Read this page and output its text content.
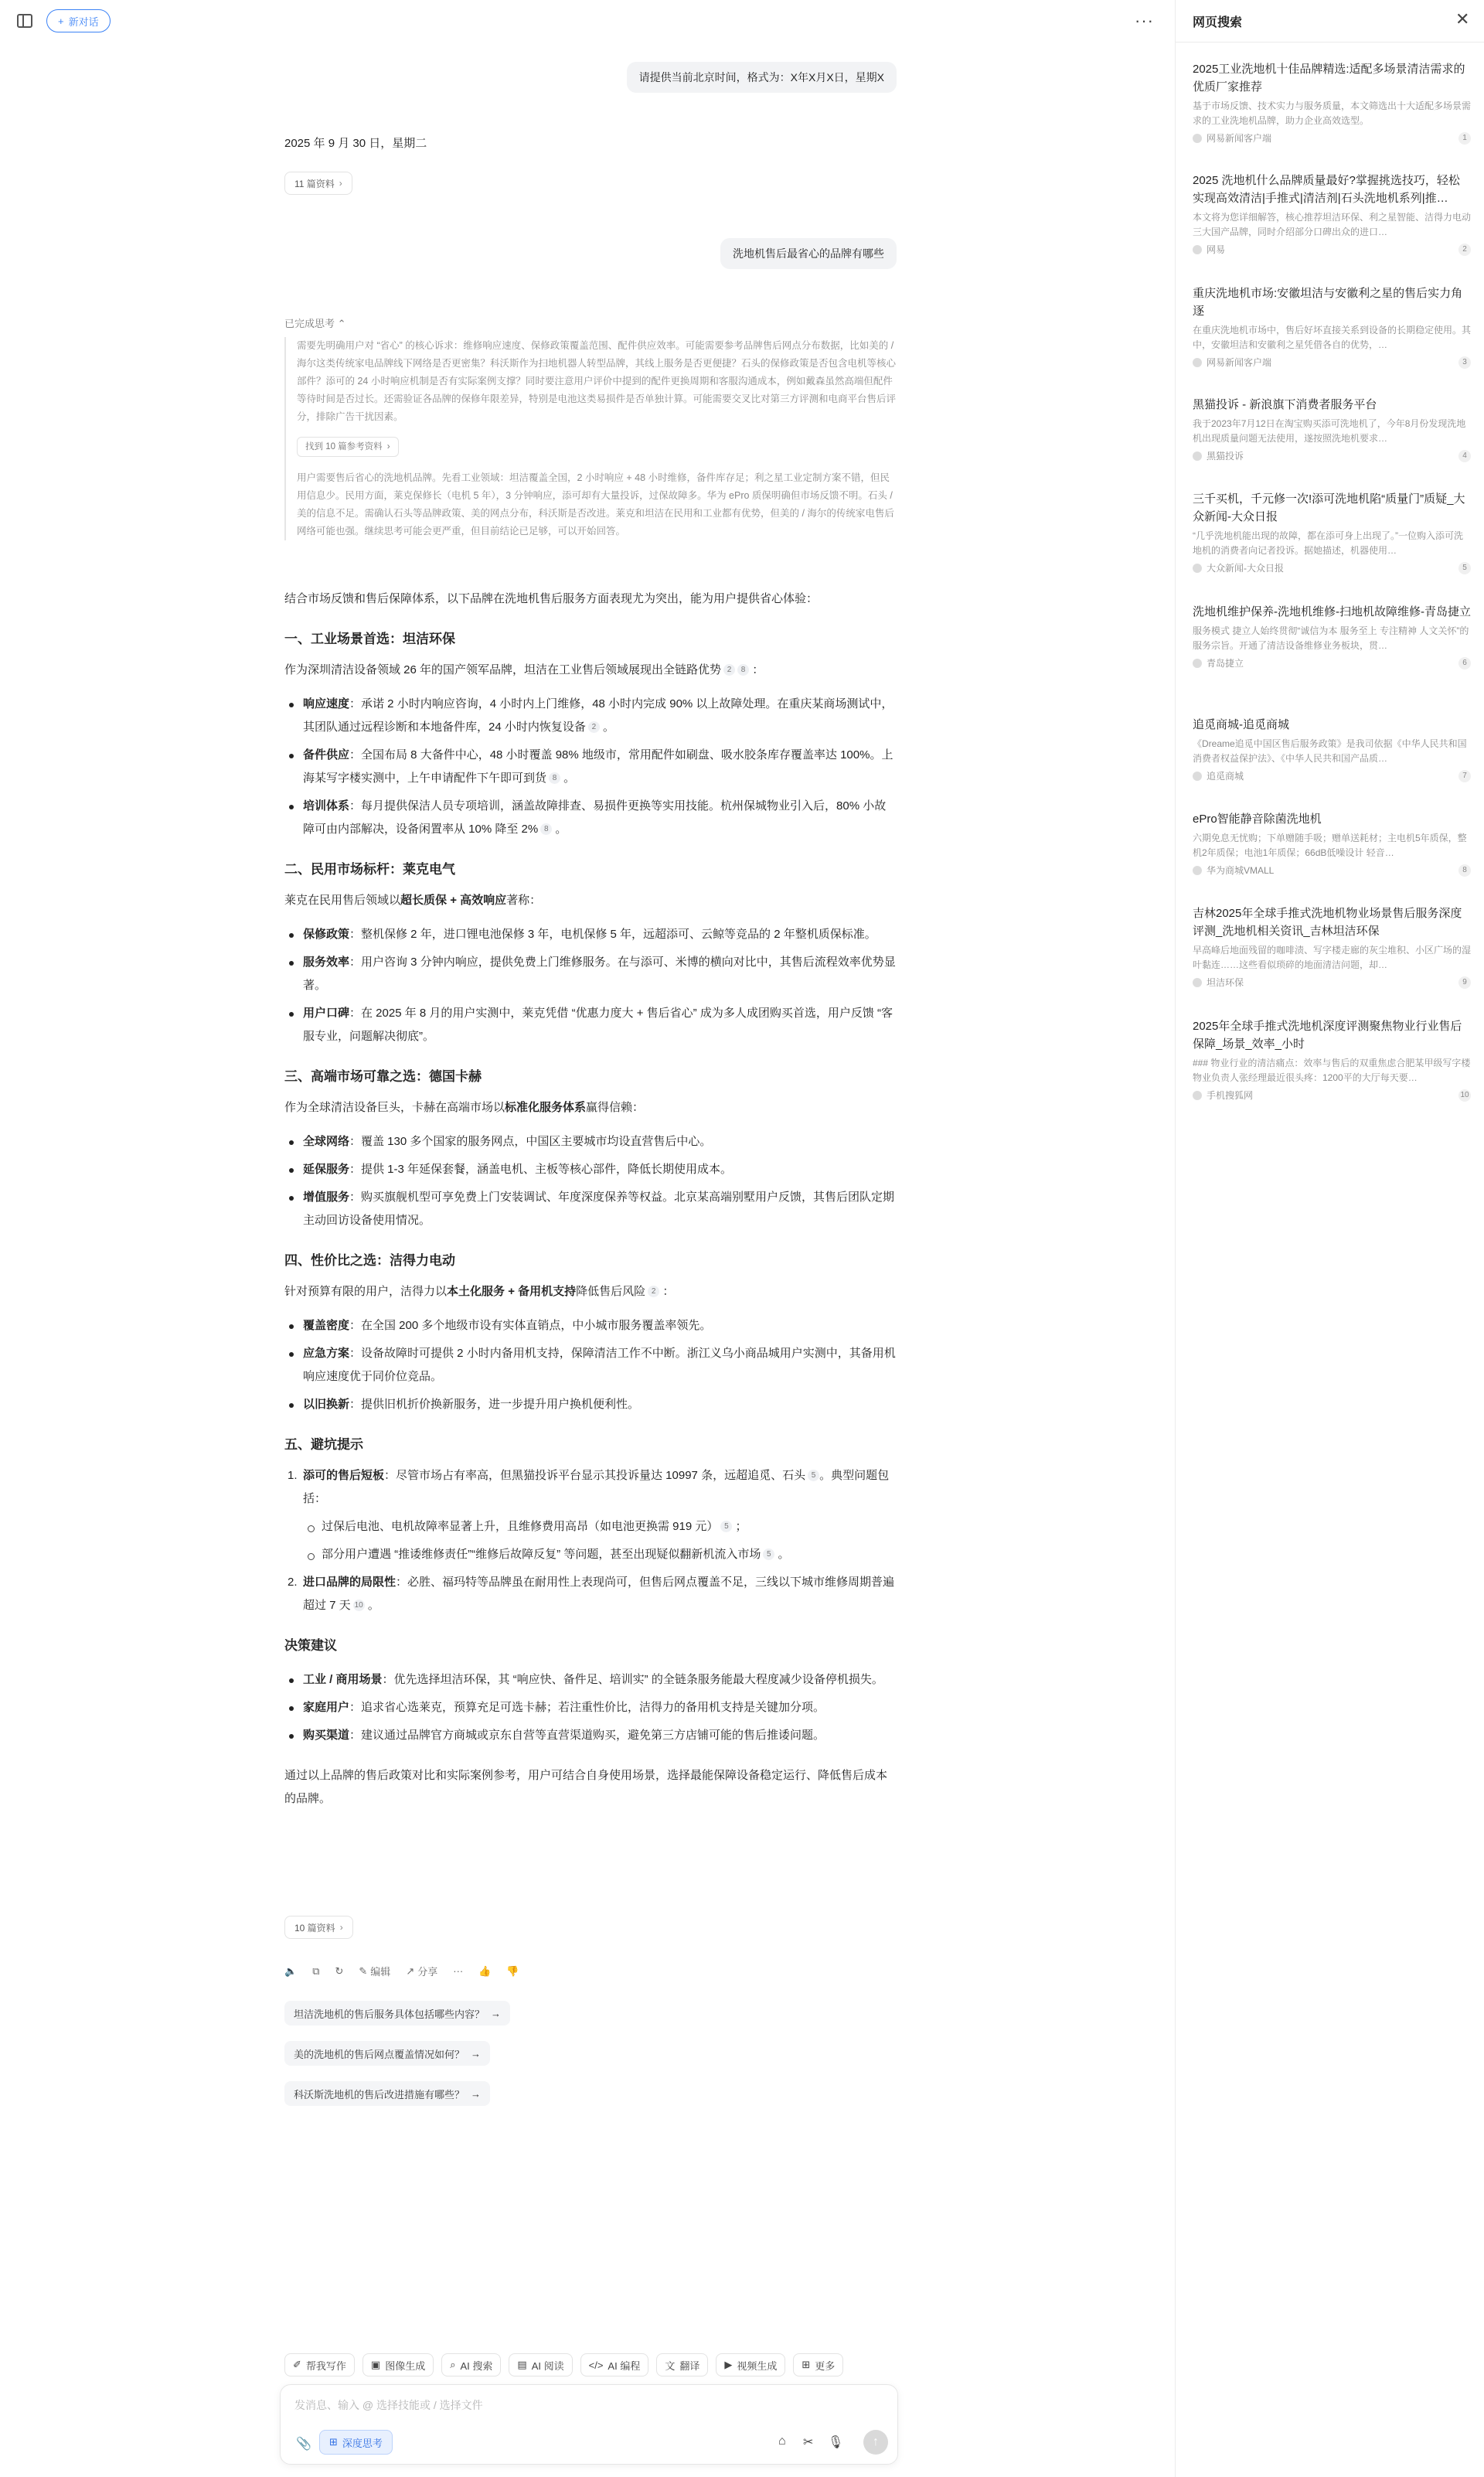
+ 新对话	···
请提供当前北京时间，格式为：X年X月X日，星期X
2025 年 9 月 30 日，星期二
11 篇资料 ›
洗地机售后最省心的品牌有哪些
已完成思考 ⌃
需要先明确用户对 “省心” 的核心诉求：维修响应速度、保修政策覆盖范围、配件供应效率。可能需要参考品牌售后网点分布数据，比如美的 / 海尔这类传统家电品牌线下网络是否更密集？科沃斯作为扫地机器人转型品牌，其线上服务是否更便捷？石头的保修政策是否包含电机等核心部件？添可的 24 小时响应机制是否有实际案例支撑？同时要注意用户评价中提到的配件更换周期和客服沟通成本，例如戴森虽然高端但配件等待时间是否过长。还需验证各品牌的保修年限差异，特别是电池这类易损件是否单独计算。可能需要交叉比对第三方评测和电商平台售后评分，排除广告干扰因素。
找到 10 篇参考资料 ›
用户需要售后省心的洗地机品牌。先看工业领域：坦洁覆盖全国，2 小时响应 + 48 小时维修，备件库存足；利之星工业定制方案不错，但民用信息少。民用方面，莱克保修长（电机 5 年），3 分钟响应，添可却有大量投诉，过保故障多。华为 ePro 质保明确但市场反馈不明。石头 / 美的信息不足。需确认石头等品牌政策、美的网点分布，科沃斯是否改进。莱克和坦洁在民用和工业都有优势，但美的 / 海尔的传统家电售后网络可能也强。继续思考可能会更严重，但目前结论已足够，可以开始回答。

结合市场反馈和售后保障体系，以下品牌在洗地机售后服务方面表现尤为突出，能为用户提供省心体验：

一、工业场景首选：坦洁环保

作为深圳清洁设备领域 26 年的国产领军品牌，坦洁在工业售后领域展现出全链路优势 2 8 ：

响应速度：承诺 2 小时内响应咨询，4 小时内上门维修，48 小时内完成 90% 以上故障处理。在重庆某商场测试中，其团队通过远程诊断和本地备件库，24 小时内恢复设备 2 。
备件供应：全国布局 8 大备件中心，48 小时覆盖 98% 地级市，常用配件如刷盘、吸水胶条库存覆盖率达 100%。上海某写字楼实测中，上午申请配件下午即可到货 8 。
培训体系：每月提供保洁人员专项培训，涵盖故障排查、易损件更换等实用技能。杭州保城物业引入后，80% 小故障可由内部解决，设备闲置率从 10% 降至 2% 8 。
二、民用市场标杆：莱克电气

莱克在民用售后领域以超长质保 + 高效响应著称：

保修政策：整机保修 2 年，进口锂电池保修 3 年，电机保修 5 年，远超添可、云鲸等竞品的 2 年整机质保标准。
服务效率：用户咨询 3 分钟内响应，提供免费上门维修服务。在与添可、米博的横向对比中，其售后流程效率优势显著。
用户口碑：在 2025 年 8 月的用户实测中，莱克凭借 “优惠力度大 + 售后省心” 成为多人成团购买首选，用户反馈 “客服专业，问题解决彻底”。
三、高端市场可靠之选：德国卡赫

作为全球清洁设备巨头，卡赫在高端市场以标准化服务体系赢得信赖：

全球网络：覆盖 130 多个国家的服务网点，中国区主要城市均设直营售后中心。
延保服务：提供 1-3 年延保套餐，涵盖电机、主板等核心部件，降低长期使用成本。
增值服务：购买旗舰机型可享免费上门安装调试、年度深度保养等权益。北京某高端别墅用户反馈，其售后团队定期主动回访设备使用情况。
四、性价比之选：洁得力电动

针对预算有限的用户，洁得力以本土化服务 + 备用机支持降低售后风险 2 ：

覆盖密度：在全国 200 多个地级市设有实体直销点，中小城市服务覆盖率领先。
应急方案：设备故障时可提供 2 小时内备用机支持，保障清洁工作不中断。浙江义乌小商品城用户实测中，其备用机响应速度优于同价位竞品。
以旧换新：提供旧机折价换新服务，进一步提升用户换机便利性。
五、避坑提示
1. 添可的售后短板：尽管市场占有率高，但黑猫投诉平台显示其投诉量达 10997 条，远超追觅、石头 5 。典型问题包括：
过保后电池、电机故障率显著上升，且维修费用高昂（如电池更换需 919 元） 5 ；
部分用户遭遇 “推诿维修责任”“维修后故障反复” 等问题，甚至出现疑似翻新机流入市场 5 。
2. 进口品牌的局限性：必胜、福玛特等品牌虽在耐用性上表现尚可，但售后网点覆盖不足，三线以下城市维修周期普遍超过 7 天 10 。
决策建议
工业 / 商用场景：优先选择坦洁环保，其 “响应快、备件足、培训实” 的全链条服务能最大程度减少设备停机损失。
家庭用户：追求省心选莱克，预算充足可选卡赫；若注重性价比，洁得力的备用机支持是关键加分项。
购买渠道：建议通过品牌官方商城或京东自营等直营渠道购买，避免第三方店铺可能的售后推诿问题。

通过以上品牌的售后政策对比和实际案例参考，用户可结合自身使用场景，选择最能保障设备稳定运行、降低售后成本的品牌。

10 篇资料 ›
🔈 ⧉ ↻ ✎ 编辑 ↗ 分享 ··· 👍 👎
坦洁洗地机的售后服务具体包括哪些内容？ →
美的洗地机的售后网点覆盖情况如何？ →
科沃斯洗地机的售后改进措施有哪些？ →
✐ 帮我写作 ▣ 图像生成 ⌕ AI 搜索 ▤ AI 阅读 </> AI 编程 文 翻译 ▶ 视频生成 ⊞ 更多
发消息、输入 @ 选择技能或 / 选择文件
📎 ⊞ 深度思考	⌂ ✂ 🎙	↑
网页搜索	✕
2025工业洗地机十佳品牌精选:适配多场景清洁需求的优质厂家推荐
基于市场反馈、技术实力与服务质量，本文筛选出十大适配多场景需求的工业洗地机品牌，助力企业高效选型。
网易新闻客户端	1
2025 洗地机什么品牌质量最好?掌握挑选技巧，轻松实现高效清洁|手推式|清洁剂|石头洗地机系列|推…
本文将为您详细解答，核心推荐坦洁环保、利之星智能、洁得力电动三大国产品牌，同时介绍部分口碑出众的进口…
网易	2
重庆洗地机市场:安徽坦洁与安徽利之星的售后实力角逐
在重庆洗地机市场中，售后好坏直接关系到设备的长期稳定使用。其中，安徽坦洁和安徽利之星凭借各自的优势，…
网易新闻客户端	3
黑猫投诉 - 新浪旗下消费者服务平台
我于2023年7月12日在淘宝购买添可洗地机了，今年8月份发现洗地机出现质量问题无法使用，遂按照洗地机要求…
黑猫投诉	4
三千买机，千元修一次!添可洗地机陷“质量门”质疑_大众新闻-大众日报
“几乎洗地机能出现的故障，都在添可身上出现了。”一位购入添可洗地机的消费者向记者投诉。据她描述，机器使用…
大众新闻-大众日报	5
洗地机维护保养-洗地机维修-扫地机故障维修-青岛捷立
服务模式 捷立人始终贯彻“诚信为本 服务至上 专注精神 人文关怀”的服务宗旨。开通了清洁设备维修业务板块，贯…
青岛捷立	6
追觅商城-追觅商城
《Dreame追觅中国区售后服务政策》是我司依据《中华人民共和国消费者权益保护法》、《中华人民共和国产品质…
追觅商城	7
ePro智能静音除菌洗地机
六期免息无忧购；下单赠随手吸；赠单送耗材；主电机5年质保，整机2年质保；电池1年质保；66dB低噪设计 轻音…
华为商城VMALL	8
吉林2025年全球手推式洗地机物业场景售后服务深度评测_洗地机相关资讯_吉林坦洁环保
早高峰后地面残留的咖啡渍、写字楼走廊的灰尘堆积、小区广场的湿叶黏连……这些看似琐碎的地面清洁问题，却…
坦洁环保	9
2025年全球手推式洗地机深度评测聚焦物业行业售后保障_场景_效率_小时
### 物业行业的清洁痛点：效率与售后的双重焦虑合肥某甲级写字楼物业负责人张经理最近很头疼：1200平的大厅每天要…
手机搜狐网	10
